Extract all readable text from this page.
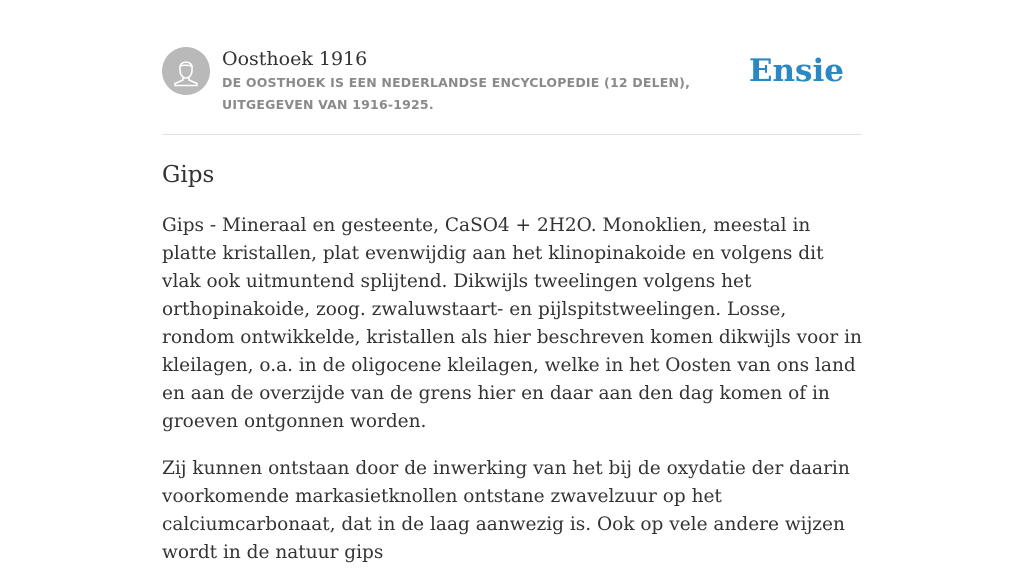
Oosthoek 1916
DE OOSTHOEK IS EEN NEDERLANDSE ENCYCLOPEDIE (12 DELEN), UITGEGEVEN VAN 1916-1925.
Ensie
Gips

Gips - Mineraal en gesteente, CaSO4 + 2H2O. Monoklien, meestal in platte kristallen, plat evenwijdig aan het klinopinakoide en volgens dit vlak ook uitmuntend splijtend. Dikwijls tweelingen volgens het orthopinakoide, zoog. zwaluwstaart- en pijlspitstweelingen. Losse, rondom ontwikkelde, kristallen als hier beschreven komen dikwijls voor in kleilagen, o.a. in de oligocene kleilagen, welke in het Oosten van ons land en aan de overzijde van de grens hier en daar aan den dag komen of in groeven ontgonnen worden.

Zij kunnen ontstaan door de inwerking van het bij de oxydatie der daarin voorkomende markasietknollen ontstane zwavelzuur op het calciumcarbonaat, dat in de laag aanwezig is. Ook op vele andere wijzen wordt in de natuur gips
